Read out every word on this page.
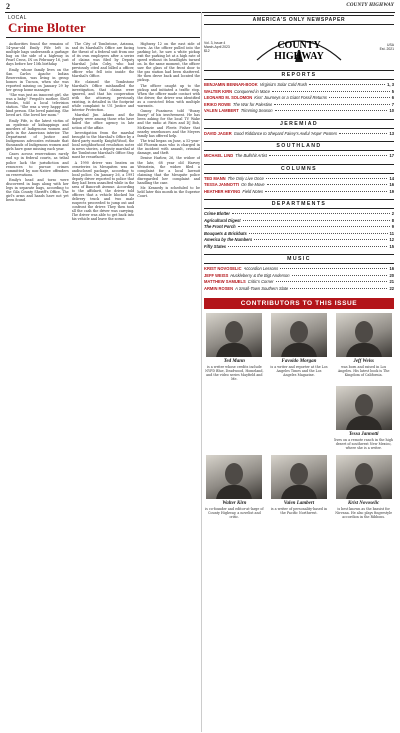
2	COUNTY HIGHWAY
LOCAL
Crime Blotter

Authorities found the remains of 14-year-old Emily Fife left in multiple bags underneath a garbage bag on the side of a highway in Pearl Cross, IN on February 16, just days before her 15th birthday.

Emily, whose family lives on the San Carlos Apache Indian Reservation, was living in group homes in Tucson, when she was reported missing on January 29 by her group home manager.

"She was just an innocent girl, she was a baby," Fregoli's mother, Shell Brooks, told a local television station. "She was a very happy and kind person. She loved painting. She loved art. She loved her mom."

Emily Fife, is the latest victim of an epidemic of kidnappings and murders of Indigenous women and girls in the American interior. The Department of Justice and Indigenous advocates estimate that thousands of Indigenous women and girls have gone missing each year.

Cases across reservations rarely end up in federal courts, as tribal police lack the jurisdiction and resources to pursue crimes committed by non-Native offenders on reservations.

Emily's head and torso were discovered in bags along with her legs in separate bags, according to the Gila County Sheriff's Office. The girl's arms and hands have not yet been found.

The City of Tombstone, Arizona, and its Marshall's Office are facing the threat of a federal suit from one of its own employees after a series of claims was filed by Deputy Marshal John Coby, who had previously cited and billed a officer, officer who fell into inside the Marshal's Office.

He claimed the Tombstone Marshal's Office mishandled the investigation, that claims were ignored, and that his cooperation with the attorney, previously existing, is detailed in the footprint while complaint to US Justice and Interior Protection.

Marshal Jim Adams and the deputy were among those who have failed the office agency in late action of the affair.

Investigation from the marshal brought to the Marshal's Office by a third party mostly, Knight/Wood, the local neighborhood resolution notes in news stories, a deputy marshal at the Tombstone Marshal's Office Stop must be resurfaced.

A 1990 driver was beaten on cemeteries in Mesquiten was an undisclosed package, according to local police. On January 26, a 1991 deputy driver reported to police that they had been assaulted while in the area of Bancroft Avenue. According to the affidavit, the driver told officers that a vehicle blocked his delivery truck and two male suspects proceeded to jump out and confront the driver. They then took all the cash the driver was carrying. The driver was able to get back into his vehicle and leave the scene.

Highway 12 on the east side of town. As the officer pulled into the parking lot, he saw a white pickup exit the parking lot at a high rate of speed without its headlights turned on. In the same moment, the officer saw the glass of the front door to the gas station had been shattered. He then drove back and located the pickup.

The officer caught up to the pickup and initiated a traffic stop. When the officer made contact with the driver, the driver was identified as a convicted felon with multiple warrants.

Gunny Fuzziness told "Buzzy Buzzy" of his involvement. He has been asking for the local TV Wake and the radio at Fairs and DJ Bob, McKenzie and Fleets Fisher that nearby warehouses and the Meyers family has offered help.

The trial began on June, a 52-year-old Phoenix man who is charged in the incident with assault, criminal damage, and theft.

Denise Harlow, 26, the widow of the late, 68 year old Harvey Weinstein, the widow filed a complaint for a local lawsuit claiming that the Mesquite police disregarded her complaint and handling the case.

Mr. Kennedy is scheduled to be held later this month in the Superior Court.

AMERICA'S ONLY NEWSPAPER
Vol. 3, Issue 4
March-April 2023
$12
COUNTY
HIGHWAY
USA
Est. 2021
REPORTS
BENJAMIN BENNAR-BOOK Virginia's Solar Cold Rush	1, 3
WALTER KIRN Conquered in Mace	5
LEONARD M. SOLOMON Kiss' Journeys or a Giant Fossil Returns	6
ERIKO ROWE The War for Palestine	7
VALEN LAMBERT Trimming Season	10
JEREMIAD
DAVID JAGER Good Riddance to Shepard Fairey's Awful 'Hope' Posters	13
SOUTHLAND
MICHAEL LIND The Bullshit Artist	17
COLUMNS
TED MANN The Only Live Once	14
TESSA JANNOTTI On the Move	16
HEATHER HEYING Field Notes	19
DEPARTMENTS
Crime Blotter	2
Agricultural Digest	8
The Front Porch	9
Bouquets & Brickbats	11
America by the Numbers	12
Fifty States	15
MUSIC
KRIST NOVOSELIC Accordion Lessons	16
JEFF WEISS Huckleberry & the Bigt Anderson	20
MATTHEW SAMUELS Critic's Corner	21
ARMIN ROSEN A Small-Town Southern Slate	22
CONTRIBUTORS TO THIS ISSUE
Ted Mann
is a writer whose credits include NYPD Blue, Deadwood, Homeland, and the video series Mayfield and Me.
Favoido Morgan
is a writer and reporter at the Los Angeles Times and the Los Angeles Magazine.
Jeff Weiss
was born and raised in Los Angeles. His latest book is The Kingdom of California.
Tessa Jannotti
lives on a remote ranch in the high desert of southwest New Mexico, where she is a writer.
Walter Kirn
is co-founder and editor-at-large of County Highway, a novelist and critic.
Valen Lambert
is a writer of personality-based in the Pacific Northwest.
Krist Novoselic
is best known as the bassist for Nirvana. He also plays fingerstyle accordion in the Ribbons.
